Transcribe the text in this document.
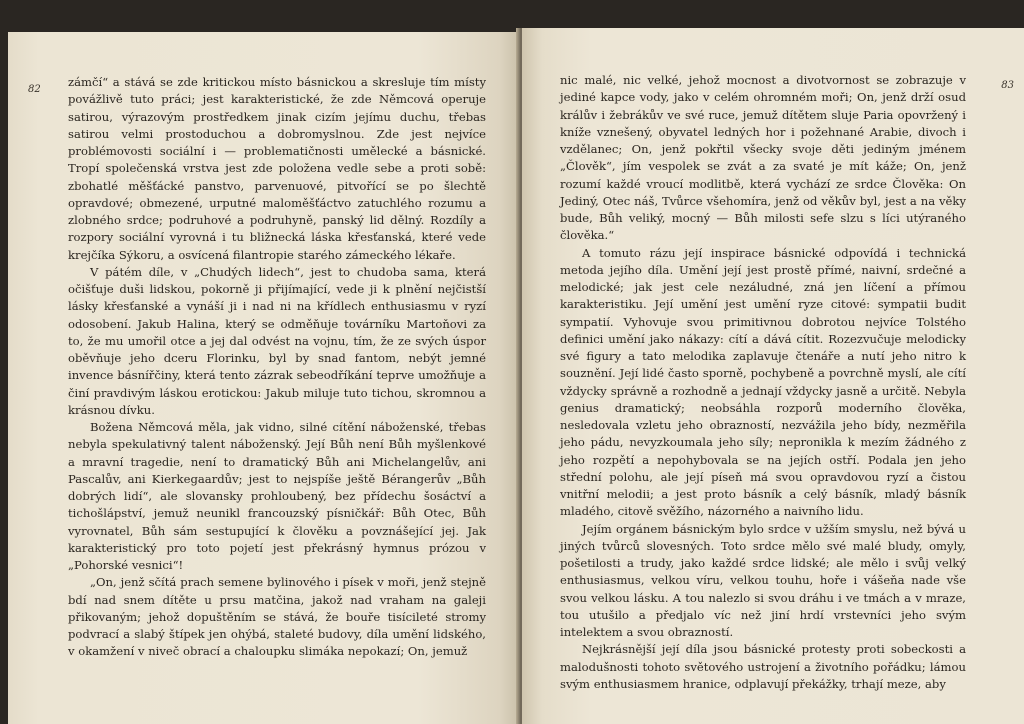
82

zámčí“ a stává se zde kritickou místo básnickou a skresluje tím místy povážlivě tuto práci; jest karakteristické, že zde Němcová operuje satirou, výrazovým prostředkem jinak cizím jejímu duchu, třebas satirou velmi prostoduchou a dobromyslnou. Zde jest nejvíce problémovosti sociální i — problematičnosti umělecké a básnické. Tropí společenská vrstva jest zde položena vedle sebe a proti sobě: zbohatlé měšťácké panstvo, parvenuové, pitvořící se po šlechtě opravdové; obmezené, urputné maloměšťáctvo zatuchlého rozumu a zlobného srdce; podruhové a podruhyně, panský lid dělný. Rozdíly a rozpory sociální vyrovná i tu bližnecká láska křesťanská, které vede krejčíka Sýkoru, a osvícená filantropie starého zámeckého lékaře.

V pátém díle, v „Chudých lidech“, jest to chudoba sama, která očišťuje duši lidskou, pokorně ji přijímající, vede ji k plnění nejčistší lásky křesťanské a vynáší ji i nad ni na křídlech enthusiasmu v ryzí odosobení. Jakub Halina, který se odměňuje továrníku Martoňovi za to, že mu umořil otce a jej dal odvést na vojnu, tím, že ze svých úspor oběvňuje jeho dceru Florinku, byl by snad fantom, nebýt jemné invence básnířčiny, která tento zázrak sebeodříkání teprve umožňuje a činí pravdivým láskou erotickou: Jakub miluje tuto tichou, skromnou a krásnou dívku.

Božena Němcová měla, jak vidno, silné cítění náboženské, třebas nebyla spekulativný talent náboženský. Její Bůh není Bůh myšlenkové a mravní tragedie, není to dramatický Bůh ani Michelangelův, ani Pascalův, ani Kierkegaardův; jest to nejspíše ještě Bérangerův „Bůh dobrých lidí“, ale slovansky prohloubený, bez přídechu šosáctví a tichošlápství, jemuž neunikl francouzský písničkář: Bůh Otec, Bůh vyrovnatel, Bůh sám sestupující k člověku a povznášející jej. Jak karakteristický pro toto pojetí jest překrásný hymnus prózou v „Pohorské vesnici“!

„On, jenž sčítá prach semene bylinového i písek v moři, jenž stejně bdí nad snem dítěte u prsu matčina, jakož nad vraham na galeji přikovaným; jehož dopuštěním se stává, že bouře tisícileté stromy podvrací a slabý štípek jen ohýbá, staleté budovy, díla umění lidského, v okamžení v niveč obrací a chaloupku slimáka nepokazí; On, jemuž

83

nic malé, nic velké, jehož mocnost a divotvornost se zobrazuje v jediné kapce vody, jako v celém ohromném moři; On, jenž drží osud králův i žebrákův ve své ruce, jemuž dítětem sluje Paria opovržený i kníže vznešený, obyvatel ledných hor i požehnané Arabie, divoch i vzdělanec; On, jenž pokřtil všecky svoje děti jediným jménem „Člověk“, jím vespolek se zvát a za svaté je mít káže; On, jenž rozumí každé vroucí modlitbě, která vychází ze srdce Člověka: On Jediný, Otec náš, Tvůrce všehomíra, jenž od věkův byl, jest a na věky bude, Bůh veliký, mocný — Bůh milosti sefe slzu s líci utýraného člověka.“

A tomuto rázu její inspirace básnické odpovídá i technická metoda jejího díla. Umění její jest prostě přímé, naivní, srdečné a melodické; jak jest cele nezáludné, zná jen líčení a přímou karakteristiku. Její umění jest umění ryze citové: sympatii budit sympatií. Vyhovuje svou primitivnou dobrotou nejvíce Tolstého definici umění jako nákazy: cítí a dává cítit. Rozezvučuje melodicky své figury a tato melodika zaplavuje čtenáře a nutí jeho nitro k souznění. Její lidé často sporně, pochybeně a povrchně myslí, ale cítí vždycky správně a rozhodně a jednají vždycky jasně a určitě. Nebyla genius dramatický; neobsáhla rozporů moderního člověka, nesledovala vzletu jeho obrazností, nezvážila jeho bídy, nezměřila jeho pádu, nevyzkoumala jeho síly; nepronikla k mezím žádného z jeho rozpětí a nepohybovala se na jejích ostří. Podala jen jeho střední polohu, ale její píseň má svou opravdovou ryzí a čistou vnitřní melodii; a jest proto básník a celý básník, mladý básník mladého, citově svěžího, názorného a naivního lidu.

Jejím orgánem básnickým bylo srdce v užším smyslu, než bývá u jiných tvůrců slovesných. Toto srdce mělo své malé bludy, omyly, pošetilosti a trudy, jako každé srdce lidské; ale mělo i svůj velký enthusiasmus, velkou víru, velkou touhu, hoře i vášeňa nade vše svou velkou lásku. A tou nalezlo si svou dráhu i ve tmách a v mraze, tou utušilo a předjalo víc než jiní hrdí vrstevníci jeho svým intelektem a svou obrazností.

Nejkrásnější její díla jsou básnické protesty proti sobeckosti a malodušnosti tohoto světového ustrojení a životního pořádku; lámou svým enthusiasmem hranice, odplavují překážky, trhají meze, aby
